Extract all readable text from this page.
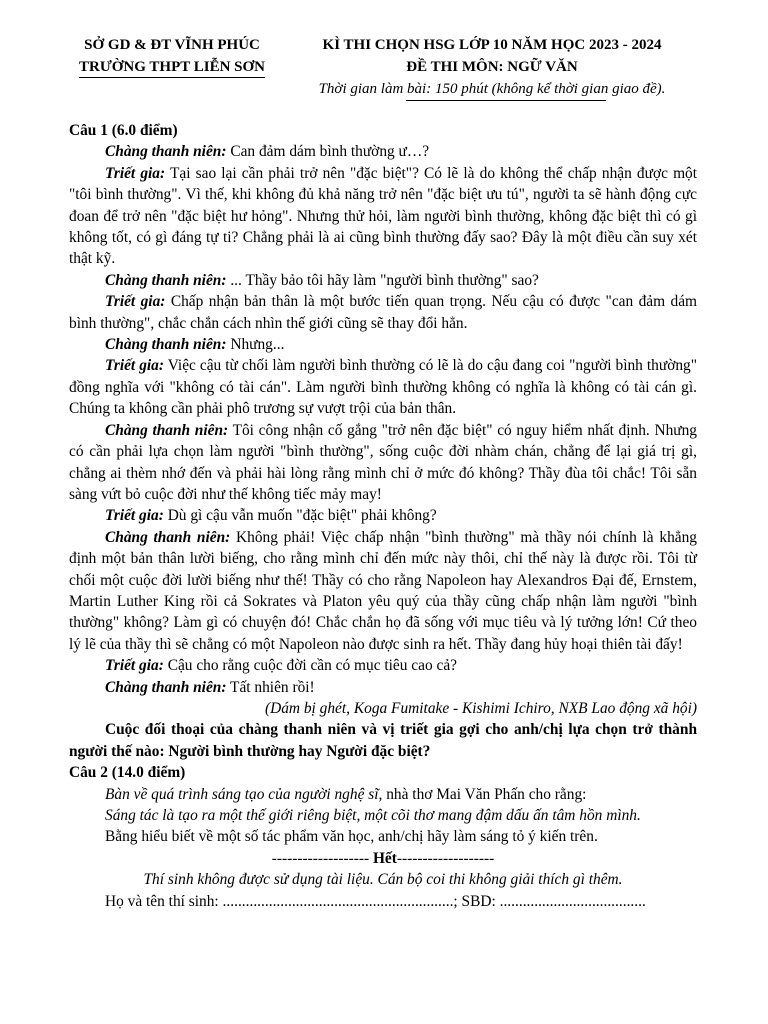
SỞ GD & ĐT VĨNH PHÚC
TRƯỜNG THPT LIỄN SƠN
KÌ THI CHỌN HSG LỚP 10 NĂM HỌC 2023 - 2024
ĐỀ THI MÔN: NGỮ VĂN
Thời gian làm bài: 150 phút (không kể thời gian giao đề).

Câu 1 (6.0 điểm)

Chàng thanh niên: Can đảm dám bình thường ư…?

Triết gia: Tại sao lại cần phải trở nên "đặc biệt"? Có lẽ là do không thể chấp nhận được một "tôi bình thường". Vì thế, khi không đủ khả năng trở nên "đặc biệt ưu tú", người ta sẽ hành động cực đoan để trở nên "đặc biệt hư hỏng". Nhưng thử hỏi, làm người bình thường, không đặc biệt thì có gì không tốt, có gì đáng tự ti? Chẳng phải là ai cũng bình thường đấy sao? Đây là một điều cần suy xét thật kỹ.

Chàng thanh niên: ... Thầy bảo tôi hãy làm "người bình thường" sao?

Triết gia: Chấp nhận bản thân là một bước tiến quan trọng. Nếu cậu có được "can đảm dám bình thường", chắc chắn cách nhìn thế giới cũng sẽ thay đổi hẳn.

Chàng thanh niên: Nhưng...

Triết gia: Việc cậu từ chối làm người bình thường có lẽ là do cậu đang coi "người bình thường" đồng nghĩa với "không có tài cán". Làm người bình thường không có nghĩa là không có tài cán gì. Chúng ta không cần phải phô trương sự vượt trội của bản thân.

Chàng thanh niên: Tôi công nhận cố gắng "trở nên đặc biệt" có nguy hiểm nhất định. Nhưng có cần phải lựa chọn làm người "bình thường", sống cuộc đời nhàm chán, chẳng để lại giá trị gì, chẳng ai thèm nhớ đến và phải hài lòng rằng mình chỉ ở mức đó không? Thầy đùa tôi chắc! Tôi sẵn sàng vứt bỏ cuộc đời như thế không tiếc mảy may!

Triết gia: Dù gì cậu vẫn muốn "đặc biệt" phải không?

Chàng thanh niên: Không phải! Việc chấp nhận "bình thường" mà thầy nói chính là khẳng định một bản thân lười biếng, cho rằng mình chỉ đến mức này thôi, chỉ thế này là được rồi. Tôi từ chối một cuộc đời lười biếng như thế! Thầy có cho rằng Napoleon hay Alexandros Đại đế, Ernstem, Martin Luther King rồi cả Sokrates và Platon yêu quý của thầy cũng chấp nhận làm người "bình thường" không? Làm gì có chuyện đó! Chắc chắn họ đã sống với mục tiêu và lý tưởng lớn! Cứ theo lý lẽ của thầy thì sẽ chẳng có một Napoleon nào được sinh ra hết. Thầy đang hủy hoại thiên tài đấy!

Triết gia: Cậu cho rằng cuộc đời cần có mục tiêu cao cả?

Chàng thanh niên: Tất nhiên rồi!

(Dám bị ghét, Koga Fumitake - Kishimi Ichiro, NXB Lao động xã hội)

Cuộc đối thoại của chàng thanh niên và vị triết gia gợi cho anh/chị lựa chọn trở thành người thế nào: Người bình thường hay Người đặc biệt?

Câu 2 (14.0 điểm)

Bàn về quá trình sáng tạo của người nghệ sĩ, nhà thơ Mai Văn Phấn cho rằng:

Sáng tác là tạo ra một thế giới riêng biệt, một cõi thơ mang đậm dấu ấn tâm hồn mình.

Bằng hiểu biết về một số tác phẩm văn học, anh/chị hãy làm sáng tỏ ý kiến trên.

------------------- Hết-------------------

Thí sinh không được sử dụng tài liệu. Cán bộ coi thi không giải thích gì thêm.

Họ và tên thí sinh: ............................................................; SBD: ......................................
